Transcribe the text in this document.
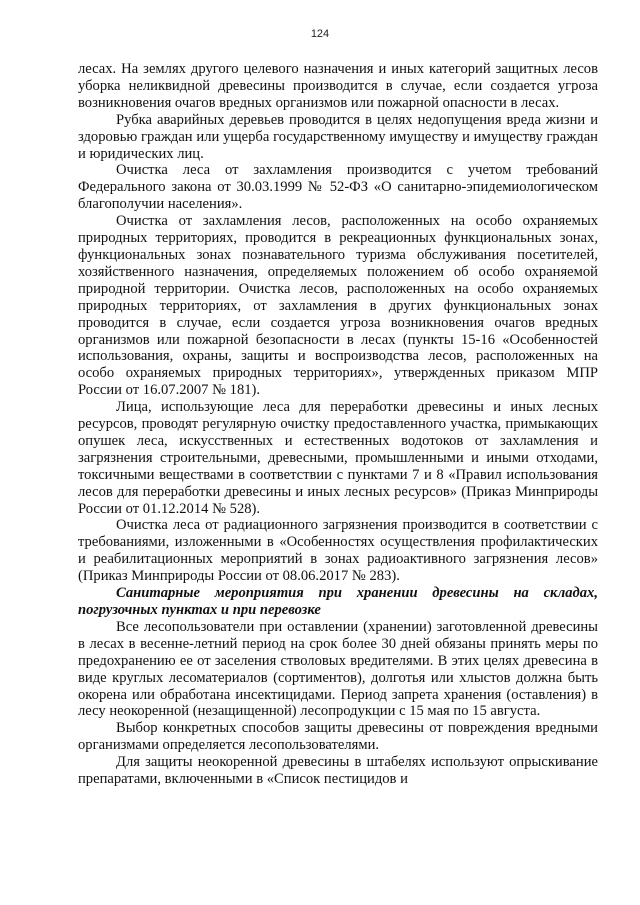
124

лесах. На землях другого целевого назначения и иных категорий защитных лесов уборка неликвидной древесины производится в случае, если создается угроза возникновения очагов вредных организмов или пожарной опасности в лесах.

Рубка аварийных деревьев проводится в целях недопущения вреда жизни и здоровью граждан или ущерба государственному имуществу и имуществу граждан и юридических лиц.

Очистка леса от захламления производится с учетом требований Федерального закона от 30.03.1999 № 52-ФЗ «О санитарно-эпидемиологическом благополучии населения».

Очистка от захламления лесов, расположенных на особо охраняемых природных территориях, проводится в рекреационных функциональных зонах, функциональных зонах познавательного туризма обслуживания посетителей, хозяйственного назначения, определяемых положением об особо охраняемой природной территории. Очистка лесов, расположенных на особо охраняемых природных территориях, от захламления в других функциональных зонах проводится в случае, если создается угроза возникновения очагов вредных организмов или пожарной безопасности в лесах (пункты 15-16 «Особенностей использования, охраны, защиты и воспроизводства лесов, расположенных на особо охраняемых природных территориях», утвержденных приказом МПР России от 16.07.2007 № 181).

Лица, использующие леса для переработки древесины и иных лесных ресурсов, проводят регулярную очистку предоставленного участка, примыкающих опушек леса, искусственных и естественных водотоков от захламления и загрязнения строительными, древесными, промышленными и иными отходами, токсичными веществами в соответствии с пунктами 7 и 8 «Правил использования лесов для переработки древесины и иных лесных ресурсов» (Приказ Минприроды России от 01.12.2014 № 528).

Очистка леса от радиационного загрязнения производится в соответствии с требованиями, изложенными в «Особенностях осуществления профилактических и реабилитационных мероприятий в зонах радиоактивного загрязнения лесов» (Приказ Минприроды России от 08.06.2017 № 283).

Санитарные мероприятия при хранении древесины на складах, погрузочных пунктах и при перевозке

Все лесопользователи при оставлении (хранении) заготовленной древесины в лесах в весенне-летний период на срок более 30 дней обязаны принять меры по предохранению ее от заселения стволовых вредителями. В этих целях древесина в виде круглых лесоматериалов (сортиментов), долготья или хлыстов должна быть окорена или обработана инсектицидами. Период запрета хранения (оставления) в лесу неокоренной (незащищенной) лесопродукции с 15 мая по 15 августа.

Выбор конкретных способов защиты древесины от повреждения вредными организмами определяется лесопользователями.

Для защиты неокоренной древесины в штабелях используют опрыскивание препаратами, включенными в «Список пестицидов и
